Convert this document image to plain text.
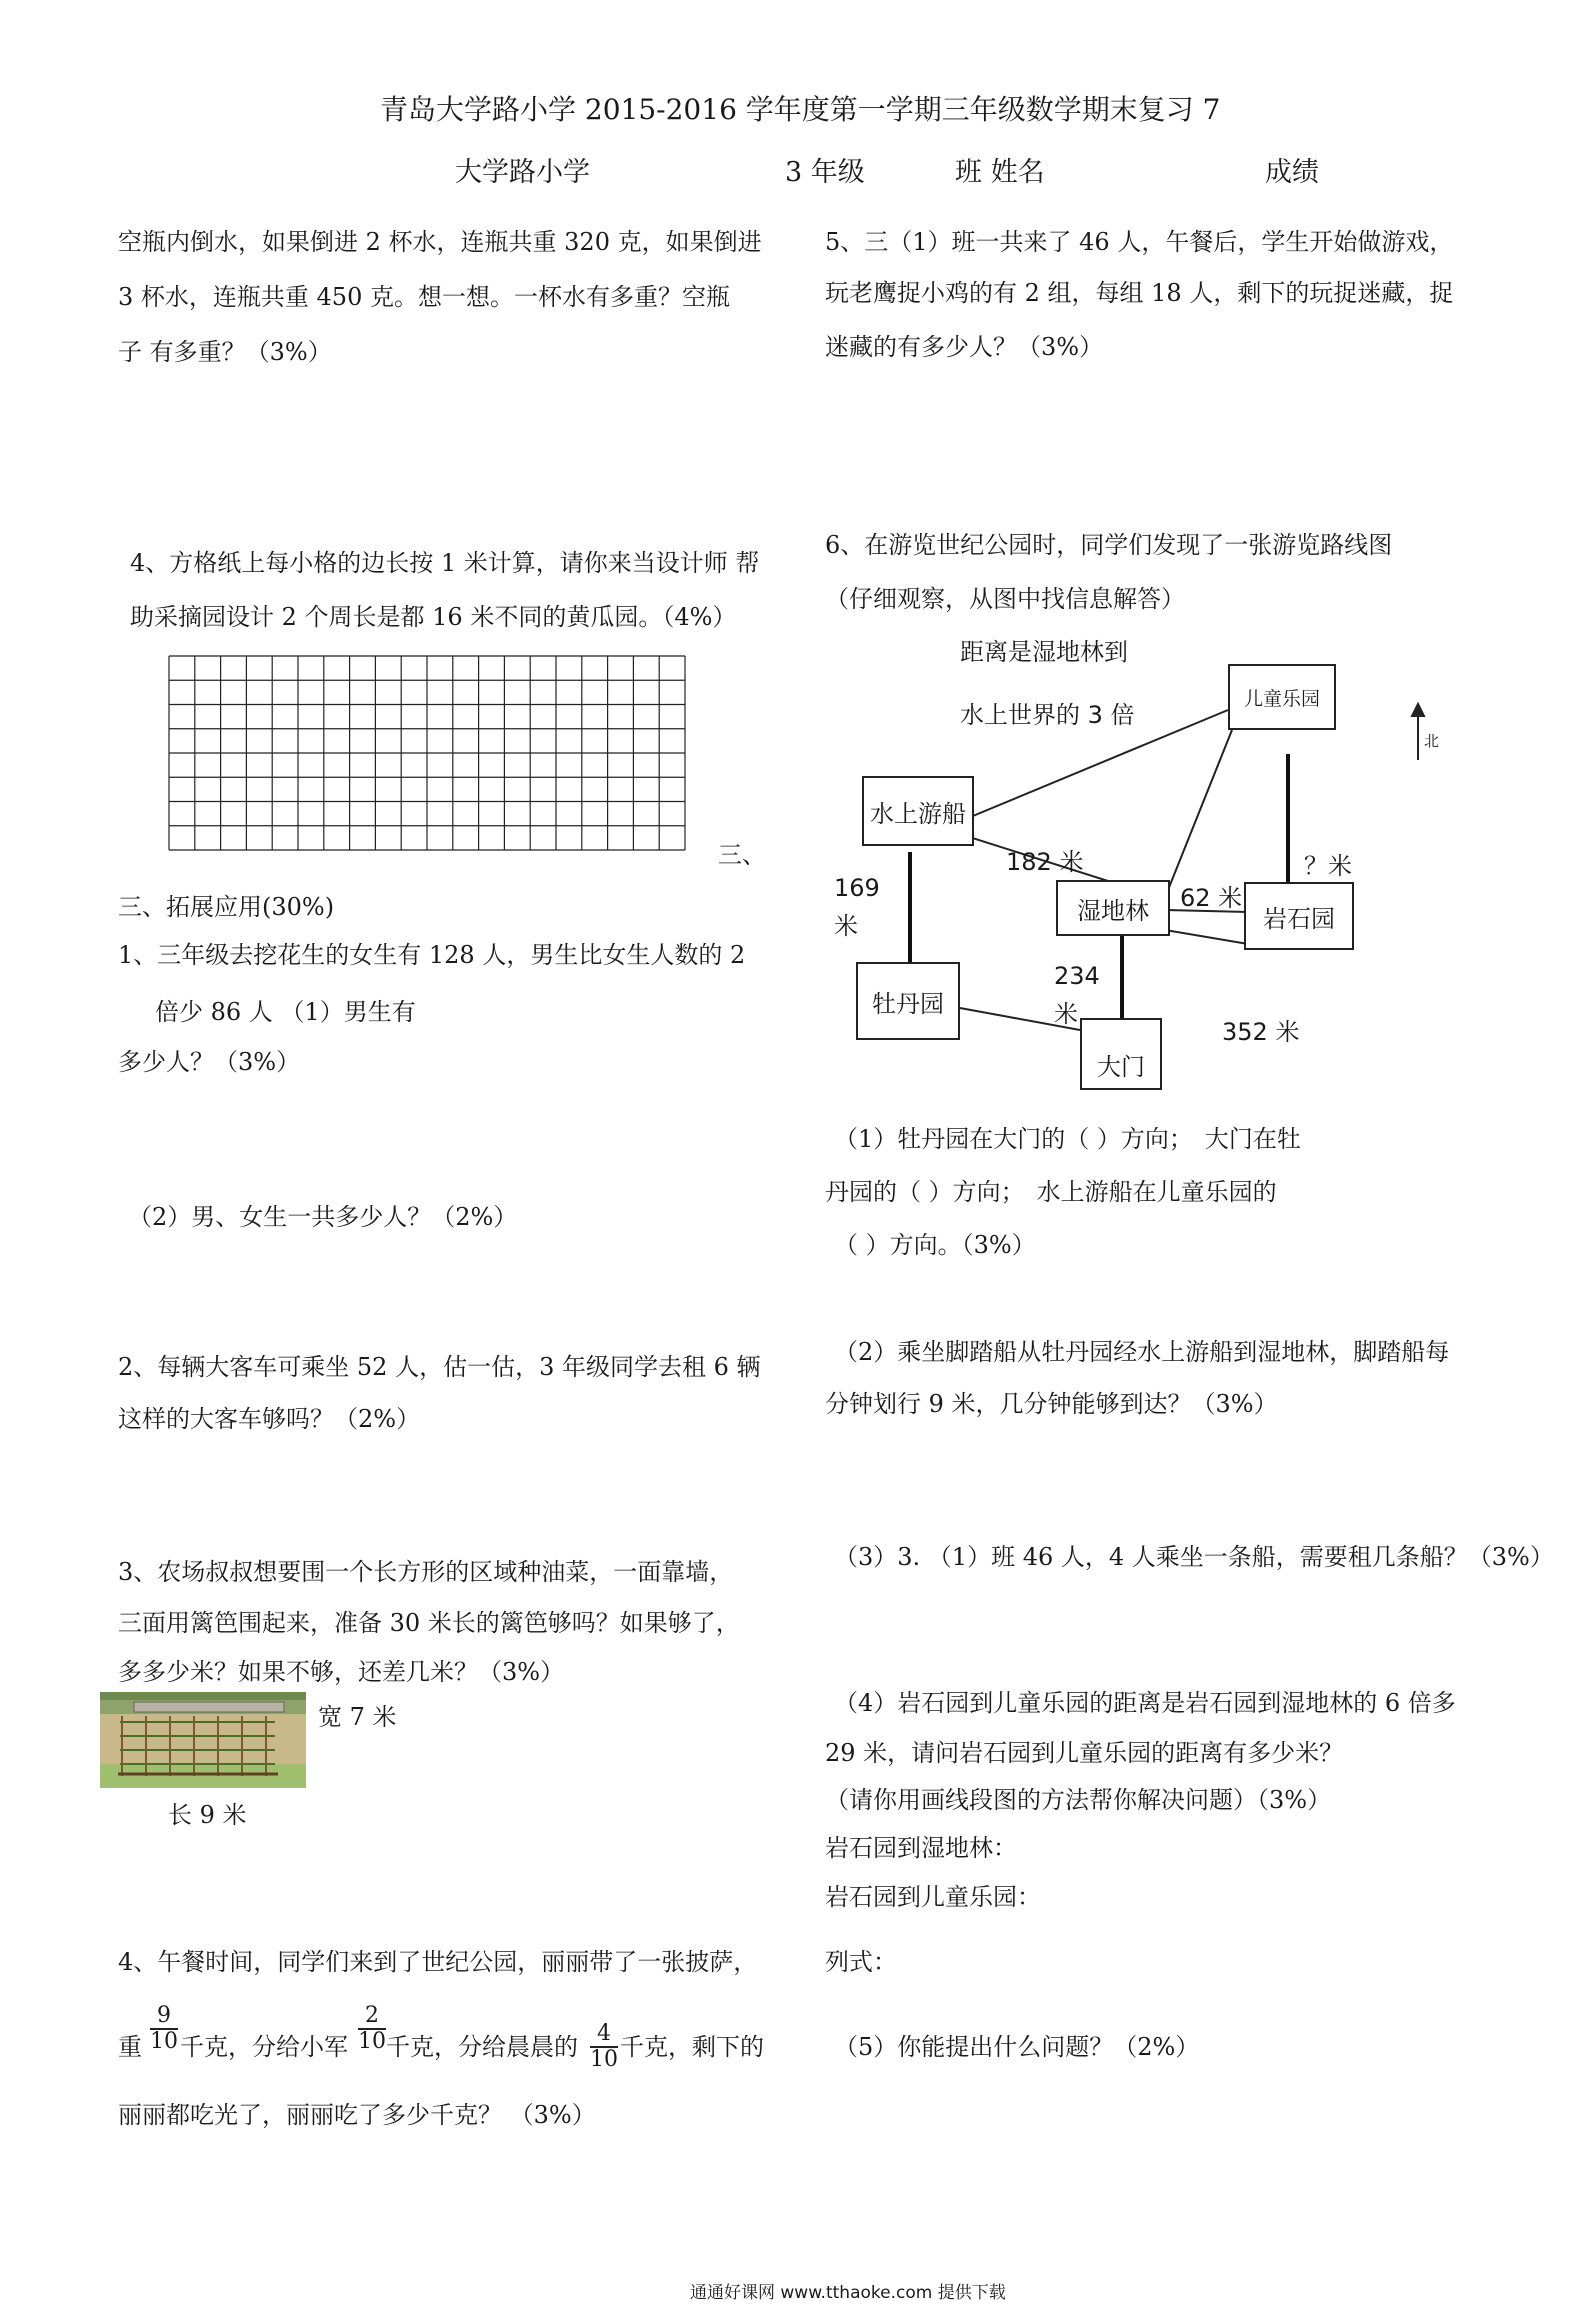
青岛大学路小学 2015-2016 学年度第一学期三年级数学期末复习 7
大学路小学	3 年级	班 姓名	成绩
空瓶内倒水，如果倒进 2 杯水，连瓶共重 320 克，如果倒进
3 杯水，连瓶共重 450 克。想一想。一杯水有多重？空瓶
子 有多重？（3%）
4、方格纸上每小格的边长按 1 米计算，请你来当设计师 帮
助采摘园设计 2 个周长是都 16 米不同的黄瓜园。（4%）
三、
三、拓展应用(30%)
1、三年级去挖花生的女生有 128 人，男生比女生人数的 2
倍少 86 人 （1）男生有
多少人？（3%）
（2）男、女生一共多少人？（2%）
2、每辆大客车可乘坐 52 人，估一估，3 年级同学去租 6 辆
这样的大客车够吗？（2%）
3、农场叔叔想要围一个长方形的区域种油菜，一面靠墙，
三面用篱笆围起来，准备 30 米长的篱笆够吗？如果够了，
多多少米？如果不够，还差几米？（3%）
宽 7 米
长 9 米
4、午餐时间，同学们来到了世纪公园，丽丽带了一张披萨，
重 $\frac{9}{10}$ 千克，分给小军 $\frac{2}{10}$ 千克，分给晨晨的 $\frac{4}{10}$ 千克，剩下的
丽丽都吃光了，丽丽吃了多少千克？ （3%）
5、三（1）班一共来了 46 人，午餐后，学生开始做游戏，
玩老鹰捉小鸡的有 2 组，每组 18 人，剩下的玩捉迷藏，捉
迷藏的有多少人？（3%）
6、在游览世纪公园时，同学们发现了一张游览路线图
（仔细观察，从图中找信息解答）
距离是湿地林到
水上世界的 3 倍
儿童乐园
水上游船
湿地林	岩石园
牡丹园
大门
182 米
62 米
？米
169
米
234
米
352 米
北
（1）牡丹园在大门的（ ）方向；　大门在牡
丹园的（ ）方向；　水上游船在儿童乐园的
（ ）方向。（3%）
（2）乘坐脚踏船从牡丹园经水上游船到湿地林，脚踏船每
分钟划行 9 米，几分钟能够到达？（3%）
（3）3. （1）班 46 人，4 人乘坐一条船，需要租几条船？（3%）
（4）岩石园到儿童乐园的距离是岩石园到湿地林的 6 倍多
29 米，请问岩石园到儿童乐园的距离有多少米？
（请你用画线段图的方法帮你解决问题）（3%）
岩石园到湿地林：
岩石园到儿童乐园：
列式：
（5）你能提出什么问题？（2%）
通通好课网 www.tthaoke.com 提供下载
